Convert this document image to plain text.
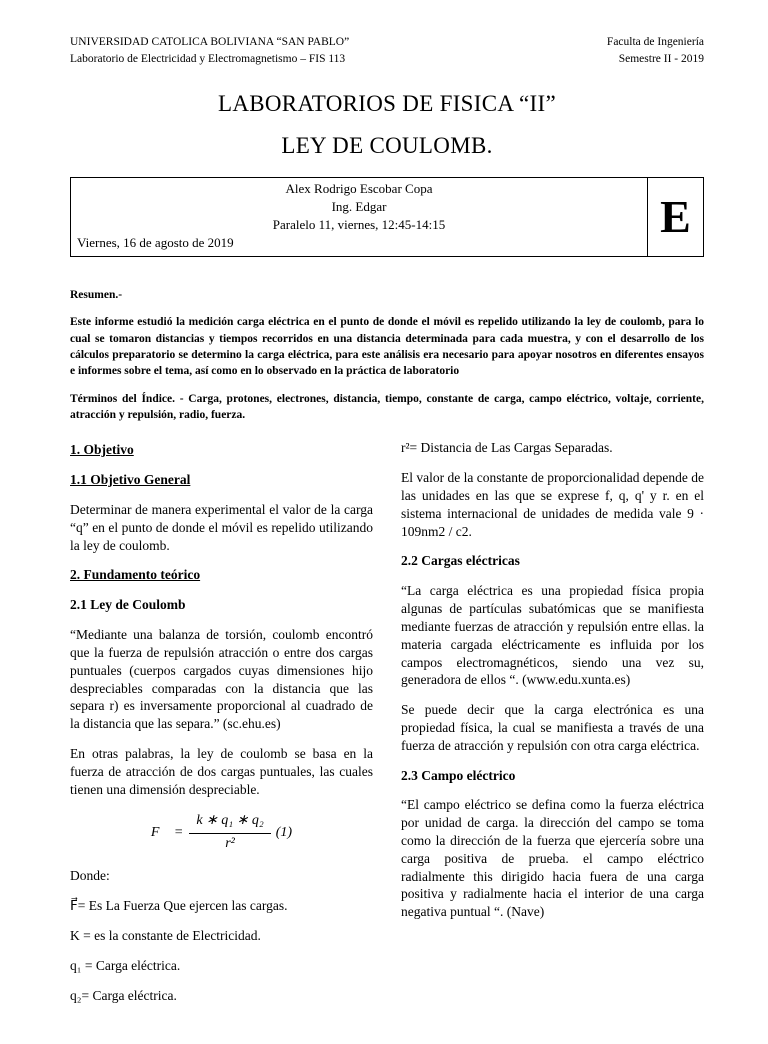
UNIVERSIDAD CATOLICA BOLIVIANA “SAN PABLO”
Laboratorio de Electricidad y Electromagnetismo – FIS 113
Faculta de Ingeniería
Semestre II - 2019
LABORATORIOS DE FISICA “II”
LEY DE COULOMB.
Alex Rodrigo Escobar Copa
Ing. Edgar
Paralelo 11, viernes, 12:45-14:15
Viernes, 16 de agosto de 2019
E

Resumen.-

Este informe estudió la medición carga eléctrica en el punto de donde el móvil es repelido utilizando la ley de coulomb, para lo cual se tomaron distancias y tiempos recorridos en una distancia determinada para cada muestra, y con el desarrollo de los cálculos preparatorio se determino la carga eléctrica, para este análisis era necesario para apoyar nosotros en diferentes ensayos e informes sobre el tema, así como en lo observado en la práctica de laboratorio

Términos del Índice. - Carga, protones, electrones, distancia, tiempo, constante de carga, campo eléctrico, voltaje, corriente, atracción y repulsión, radio, fuerza.

1. Objetivo
1.1 Objetivo General

Determinar de manera experimental el valor de la carga “q” en el punto de donde el móvil es repelido utilizando la ley de coulomb.

2. Fundamento teórico
2.1 Ley de Coulomb

“Mediante una balanza de torsión, coulomb encontró que la fuerza de repulsión atracción o entre dos cargas puntuales (cuerpos cargados cuyas dimensiones hijo despreciables comparadas con la distancia que las separa r) es inversamente proporcional al cuadrado de la distancia que las separa.” (sc.ehu.es)

En otras palabras, la ley de coulomb se basa en la fuerza de atracción de dos cargas puntuales, las cuales tienen una dimensión despreciable.

F⃗ = $\frac{\text{k ∗ q₁ ∗ q₂}}{\text{r²}} (1)$

Donde:

F⃗= Es La Fuerza Que ejercen las cargas.

K = es la constante de Electricidad.

q₁ = Carga eléctrica.

q₂= Carga eléctrica.

r²= Distancia de Las Cargas Separadas.

El valor de la constante de proporcionalidad depende de las unidades en las que se exprese f, q, q' y r. en el sistema internacional de unidades de medida vale 9 · 109nm2 / c2.

2.2 Cargas eléctricas

“La carga eléctrica es una propiedad física propia algunas de partículas subatómicas que se manifiesta mediante fuerzas de atracción y repulsión entre ellas. la materia cargada eléctricamente es influida por los campos electromagnéticos, siendo una vez su, generadora de ellos “. (www.edu.xunta.es)

Se puede decir que la carga electrónica es una propiedad física, la cual se manifiesta a través de una fuerza de atracción y repulsión con otra carga eléctrica.

2.3 Campo eléctrico

“El campo eléctrico se defina como la fuerza eléctrica por unidad de carga. la dirección del campo se toma como la dirección de la fuerza que ejercería sobre una carga positiva de prueba. el campo eléctrico radialmente this dirigido hacia fuera de una carga positiva y radialmente hacia el interior de una carga negativa puntual “. (Nave)
